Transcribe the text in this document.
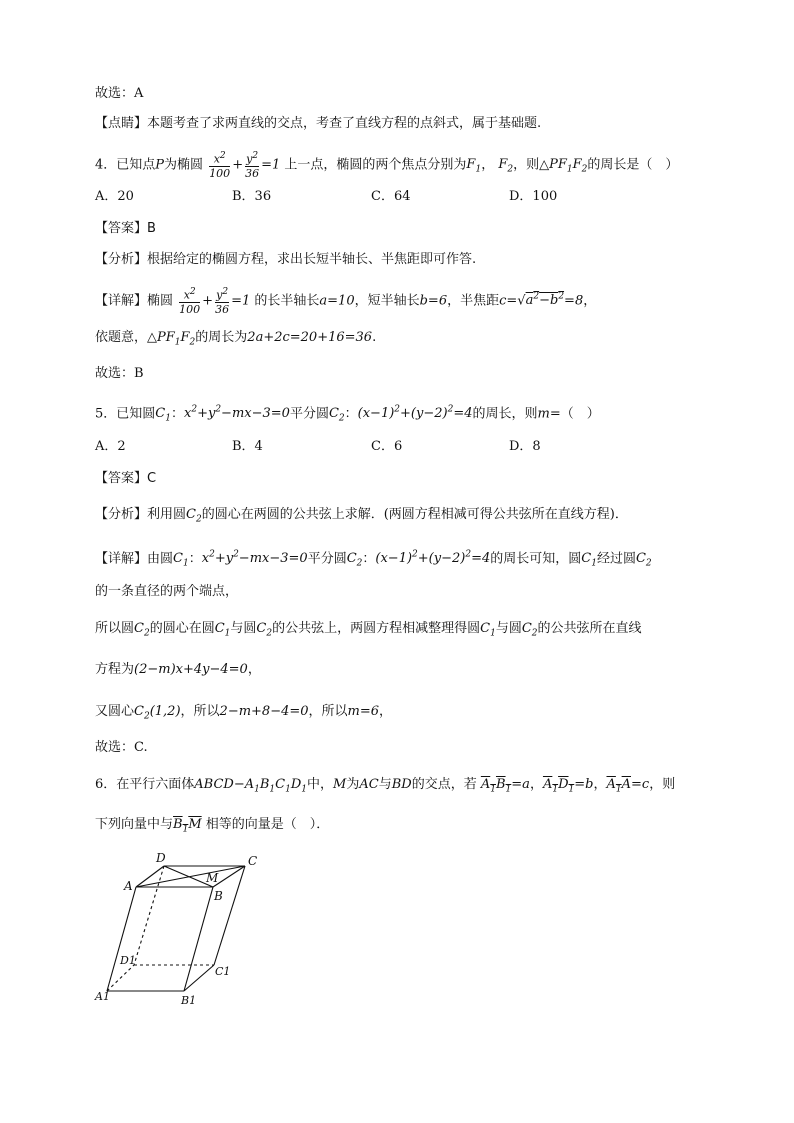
故选：A
【点睛】本题考查了求两直线的交点，考查了直线方程的点斜式，属于基础题.
4．已知点P为椭圆 $\frac{x^2}{100} + \frac{y^2}{36} =1$ 上一点，椭圆的两个焦点分别为$F_1$， $F_2$，则$\triangle PF_1F_2$的周长是（　）
A．20	B．36	C．64	D．100
【答案】B
【分析】根据给定的椭圆方程，求出长短半轴长、半焦距即可作答.
【详解】椭圆 $\frac{x^2}{100} + \frac{y^2}{36} =1$ 的长半轴长a=10，短半轴长b=6，半焦距$c=√a^2-b^2=8$，
依题意，$\triangle PF_1F_2$的周长为2a+2c=20+16=36.
故选：B
5．已知圆$C_1$：$x^2+y^2-mx-3=0$平分圆$C_2$：$(x-1)^2+(y-2)^2=4$的周长，则m=（　）
A．2	B．4	C．6	D．8
【答案】C
【分析】利用圆$C_2$的圆心在两圆的公共弦上求解．(两圆方程相减可得公共弦所在直线方程)．
【详解】由圆$C_1$：$x^2+y^2-mx-3=0$平分圆$C_2$：$(x-1)^2+(y-2)^2=4$的周长可知，圆$C_1$经过圆$C_2$
的一条直径的两个端点，
所以圆$C_2$的圆心在圆$C_1$与圆$C_2$的公共弦上，两圆方程相减整理得圆$C_1$与圆$C_2$的公共弦所在直线
方程为(2−m)x+4y−4=0，
又圆心$C_2(1,2)$，所以2−m+8−4=0，所以m=6，
故选：C.
6．在平行六面体$ABCD-A_1B_1C_1D_1$中，M为AC与BD的交点，若 $A_1B_1=a$，$A_1D_1=b$，$A_1A=c$，则
下列向量中与$B_1M$ 相等的向量是（　）．
D	C
A
M
B
D1
C1
A1	B1
